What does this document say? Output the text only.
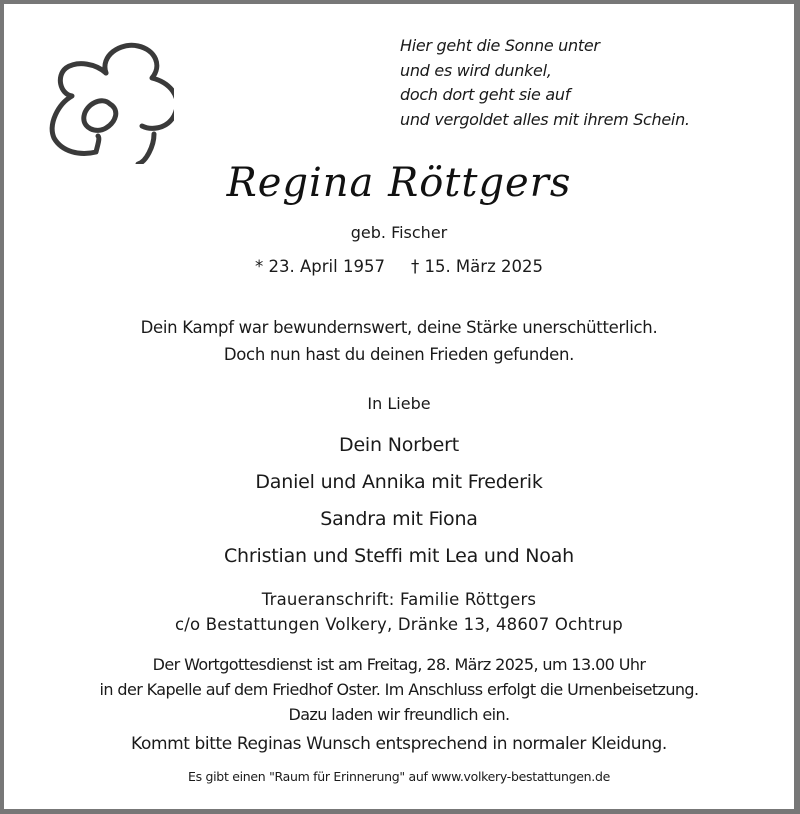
Hier geht die Sonne unter
und es wird dunkel,
doch dort geht sie auf
und vergoldet alles mit ihrem Schein.
Regina Röttgers
geb. Fischer
* 23. April 1957 † 15. März 2025
Dein Kampf war bewundernswert, deine Stärke unerschütterlich.
Doch nun hast du deinen Frieden gefunden.
In Liebe
Dein Norbert
Daniel und Annika mit Frederik
Sandra mit Fiona
Christian und Steffi mit Lea und Noah
Traueranschrift: Familie Röttgers
c/o Bestattungen Volkery, Dränke 13, 48607 Ochtrup
Der Wortgottesdienst ist am Freitag, 28. März 2025, um 13.00 Uhr
in der Kapelle auf dem Friedhof Oster. Im Anschluss erfolgt die Urnenbeisetzung.
Dazu laden wir freundlich ein.
Kommt bitte Reginas Wunsch entsprechend in normaler Kleidung.
Es gibt einen "Raum für Erinnerung" auf www.volkery-bestattungen.de
